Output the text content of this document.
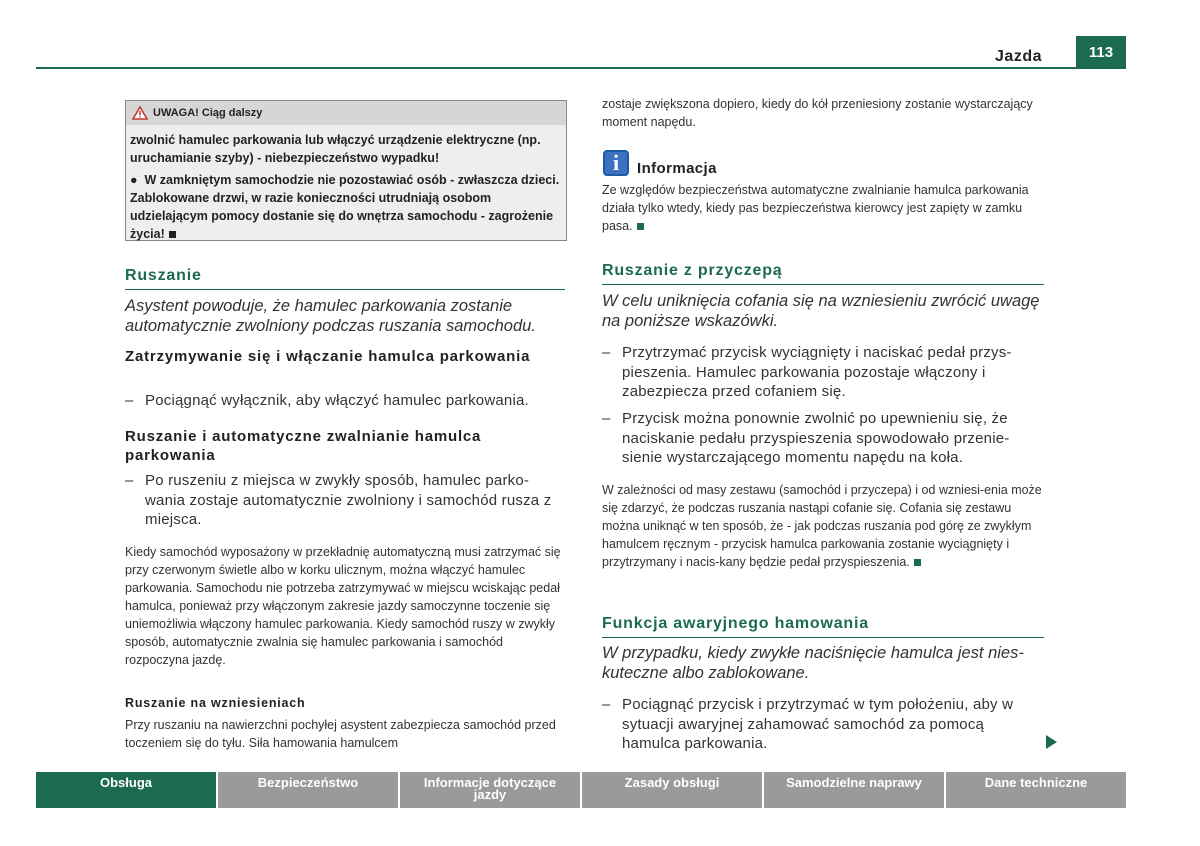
Jazda	113
UWAGA! Ciąg dalszy

zwolnić hamulec parkowania lub włączyć urządzenie elektryczne (np. uruchamianie szyby) - niebezpieczeństwo wypadku!

● W zamkniętym samochodzie nie pozostawiać osób - zwłaszcza dzieci. Zablokowane drzwi, w razie konieczności utrudniają osobom udzielającym pomocy dostanie się do wnętrza samochodu - zagrożenie życia!

Ruszanie
Asystent powoduje, że hamulec parkowania zostanie automatycznie zwolniony podczas ruszania samochodu.
Zatrzymywanie się i włączanie hamulca parkowania
– Pociągnąć wyłącznik, aby włączyć hamulec parkowania.
Ruszanie i automatyczne zwalnianie hamulca parkowania
– Po ruszeniu z miejsca w zwykły sposób, hamulec parko-wania zostaje automatycznie zwolniony i samochód rusza z miejsca.
Kiedy samochód wyposażony w przekładnię automatyczną musi zatrzymać się przy czerwonym świetle albo w korku ulicznym, można włączyć hamulec parkowania. Samochodu nie potrzeba zatrzymywać w miejscu wciskając pedał hamulca, ponieważ przy włączonym zakresie jazdy samoczynne toczenie się uniemożliwia włączony hamulec parkowania. Kiedy samochód ruszy w zwykły sposób, automatycznie zwalnia się hamulec parkowania i samochód rozpoczyna jazdę.
Ruszanie na wzniesieniach
Przy ruszaniu na nawierzchni pochyłej asystent zabezpiecza samochód przed toczeniem się do tyłu. Siła hamowania hamulcem
zostaje zwiększona dopiero, kiedy do kół przeniesiony zostanie wystarczający moment napędu.
i	Informacja
Ze względów bezpieczeństwa automatyczne zwalnianie hamulca parkowania działa tylko wtedy, kiedy pas bezpieczeństwa kierowcy jest zapięty w zamku pasa.
Ruszanie z przyczepą
W celu uniknięcia cofania się na wzniesieniu zwrócić uwagę na poniższe wskazówki.
– Przytrzymać przycisk wyciągnięty i naciskać pedał przys-pieszenia. Hamulec parkowania pozostaje włączony i zabezpiecza przed cofaniem się.
– Przycisk można ponownie zwolnić po upewnieniu się, że naciskanie pedału przyspieszenia spowodowało przenie-sienie wystarczającego momentu napędu na koła.
W zależności od masy zestawu (samochód i przyczepa) i od wzniesi-enia może się zdarzyć, że podczas ruszania nastąpi cofanie się. Cofania się zestawu można uniknąć w ten sposób, że - jak podczas ruszania pod górę ze zwykłym hamulcem ręcznym - przycisk hamulca parkowania zostanie wyciągnięty i przytrzymany i nacis-kany będzie pedał przyspieszenia.
Funkcja awaryjnego hamowania
W przypadku, kiedy zwykłe naciśnięcie hamulca jest nies-kuteczne albo zablokowane.
– Pociągnąć przycisk i przytrzymać w tym położeniu, aby w sytuacji awaryjnej zahamować samochód za pomocą hamulca parkowania.
Obsługa	Bezpieczeństwo	Informacje dotyczące
jazdy
Zasady obsługi	Samodzielne naprawy	Dane techniczne
